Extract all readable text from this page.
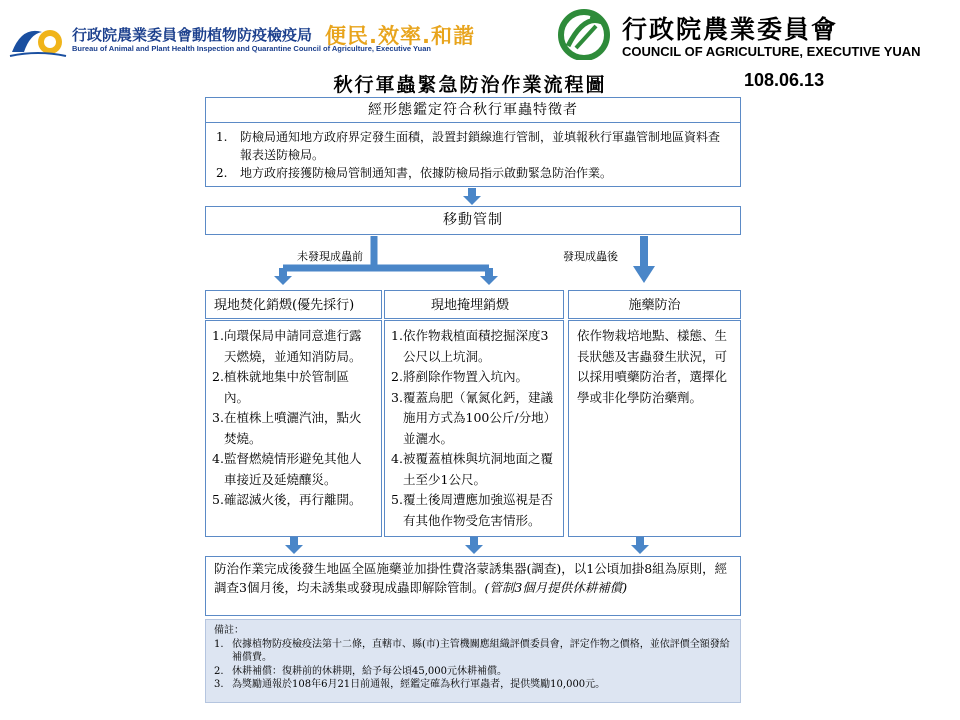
行政院農業委員會動植物防疫檢疫局
Bureau of Animal and Plant Health Inspection and Quarantine Council of Agriculture, Executive Yuan
便民.效率.和諧	行政院農業委員會
COUNCIL OF AGRICULTURE, EXECUTIVE YUAN
秋行軍蟲緊急防治作業流程圖	108.06.13
經形態鑑定符合秋行軍蟲特徵者
1.	防檢局通知地方政府界定發生面積，設置封鎖線進行管制，並填報秋行軍蟲管制地區資料查報表送防檢局。
2.	地方政府接獲防檢局管制通知書，依據防檢局指示啟動緊急防治作業。
移動管制
未發現成蟲前	發現成蟲後
現地焚化銷燬(優先採行)	現地掩埋銷燬	施藥防治
1. 向環保局申請同意進行露天燃燒，並通知消防局。
2. 植株就地集中於管制區內。
3. 在植株上噴灑汽油，點火焚燒。
4. 監督燃燒情形避免其他人車接近及延燒釀災。
5. 確認滅火後，再行離開。
1. 依作物栽植面積挖掘深度3公尺以上坑洞。
2. 將剷除作物置入坑內。
3. 覆蓋烏肥（氰氮化鈣，建議施用方式為100公斤/分地）並灑水。
4. 被覆蓋植株與坑洞地面之覆土至少1公尺。
5. 覆土後周遭應加強巡視是否有其他作物受危害情形。
依作物栽培地點、樣態、生長狀態及害蟲發生狀況，可以採用噴藥防治者，選擇化學或非化學防治藥劑。
防治作業完成後發生地區全區施藥並加掛性費洛蒙誘集器(調查)，以1公頃加掛8組為原則，經調查3個月後，均未誘集或發現成蟲即解除管制。(管制3個月提供休耕補償)
備註：
1. 依據植物防疫檢疫法第十二條，直轄市、縣(市)主管機關應組織評價委員會，評定作物之價格，並依評價全額發給補償費。
2. 休耕補償：復耕前的休耕期，給予每公頃45,000元休耕補償。
3. 為獎勵通報於108年6月21日前通報，經鑑定確為秋行軍蟲者，提供獎勵10,000元。
